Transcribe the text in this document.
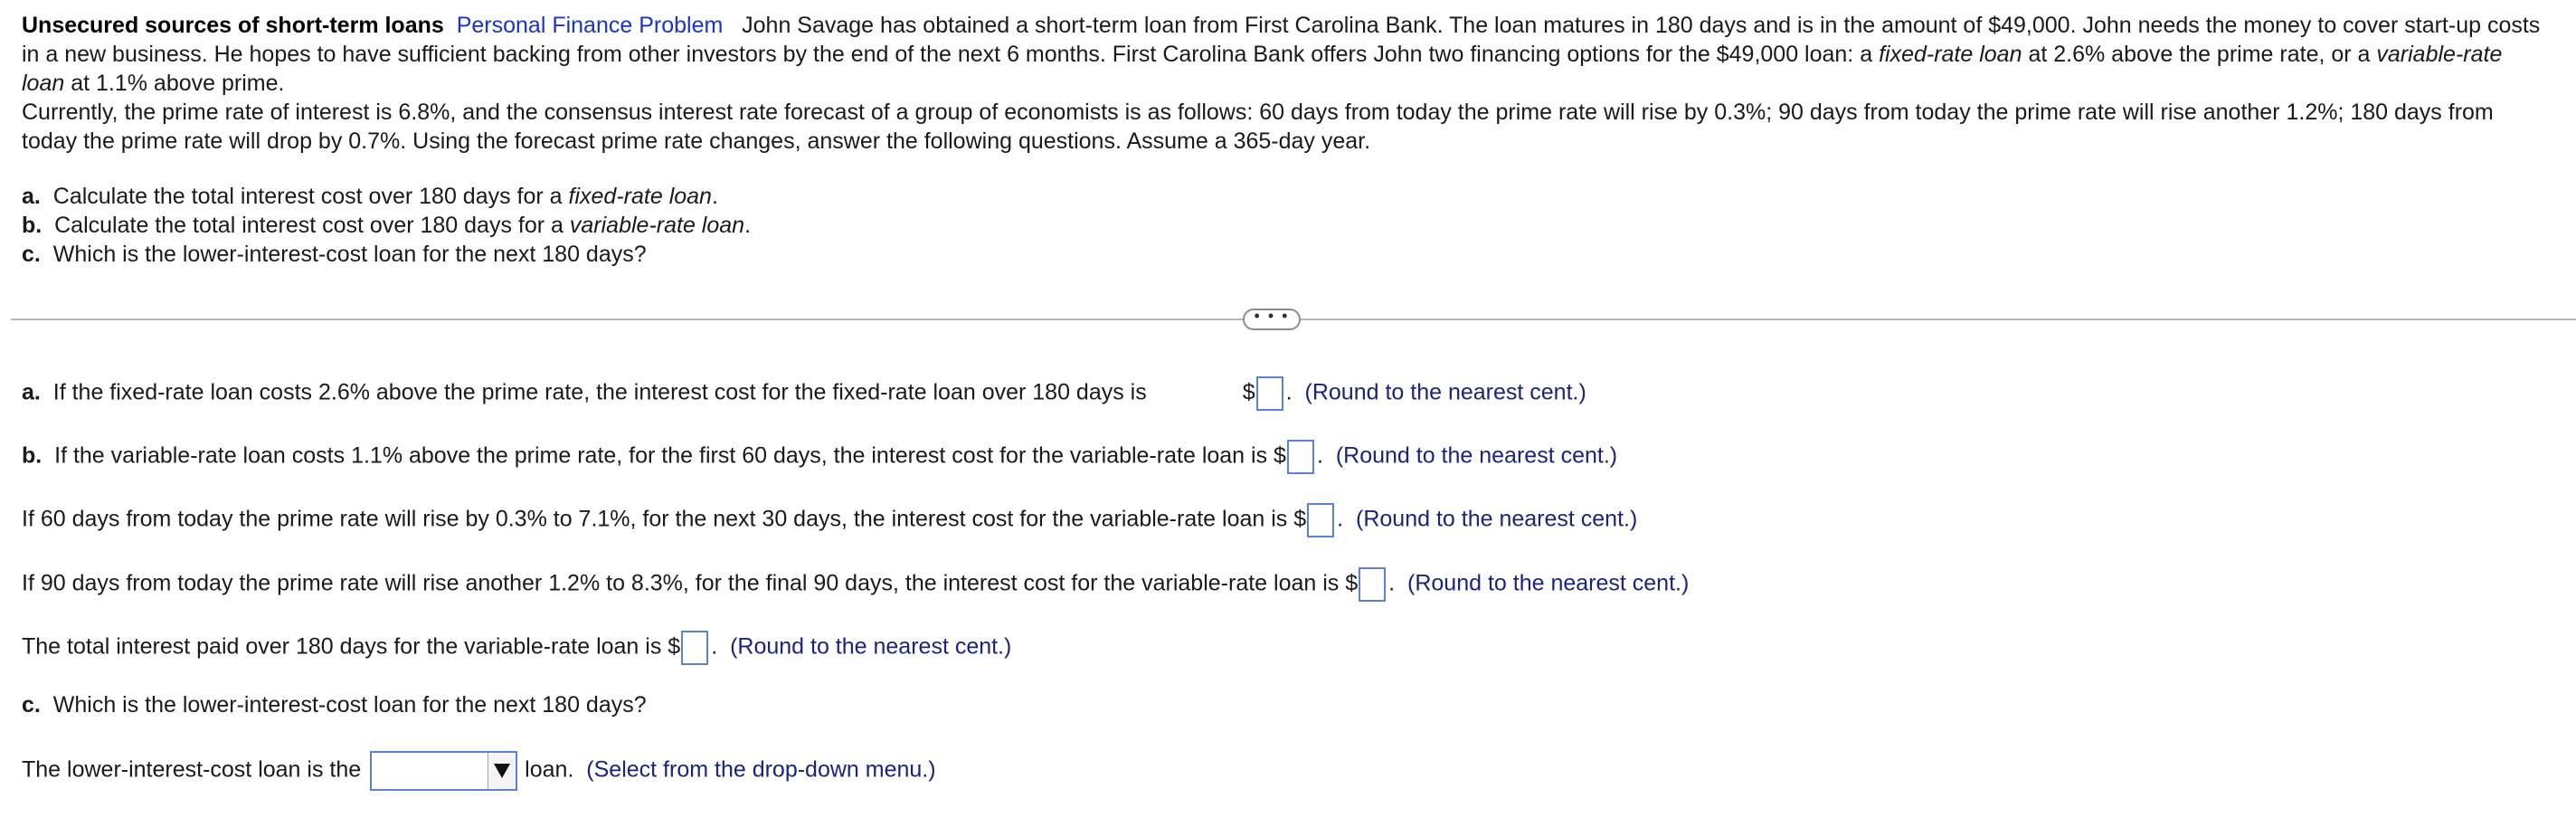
Unsecured sources of short-term loans Personal Finance Problem John Savage has obtained a short-term loan from First Carolina Bank. The loan matures in 180 days and is in the amount of $49,000. John needs the money to cover start-up costs in a new business. He hopes to have sufficient backing from other investors by the end of the next 6 months. First Carolina Bank offers John two financing options for the $49,000 loan: a fixed-rate loan at 2.6% above the prime rate, or a variable-rate loan at 1.1% above prime.

Currently, the prime rate of interest is 6.8%, and the consensus interest rate forecast of a group of economists is as follows: 60 days from today the prime rate will rise by 0.3%; 90 days from today the prime rate will rise another 1.2%; 180 days from today the prime rate will drop by 0.7%. Using the forecast prime rate changes, answer the following questions. Assume a 365-day year.

a. Calculate the total interest cost over 180 days for a fixed-rate loan.
b. Calculate the total interest cost over 180 days for a variable-rate loan.
c. Which is the lower-interest-cost loan for the next 180 days?
• • •
a. If the fixed-rate loan costs 2.6% above the prime rate, the interest cost for the fixed-rate loan over 180 days is	$ . (Round to the nearest cent.)
b. If the variable-rate loan costs 1.1% above the prime rate, for the first 60 days, the interest cost for the variable-rate loan is $ . (Round to the nearest cent.)
If 60 days from today the prime rate will rise by 0.3% to 7.1%, for the next 30 days, the interest cost for the variable-rate loan is $ . (Round to the nearest cent.)
If 90 days from today the prime rate will rise another 1.2% to 8.3%, for the final 90 days, the interest cost for the variable-rate loan is $ . (Round to the nearest cent.)
The total interest paid over 180 days for the variable-rate loan is $ . (Round to the nearest cent.)
c. Which is the lower-interest-cost loan for the next 180 days?
The lower-interest-cost loan is the	loan. (Select from the drop-down menu.)
